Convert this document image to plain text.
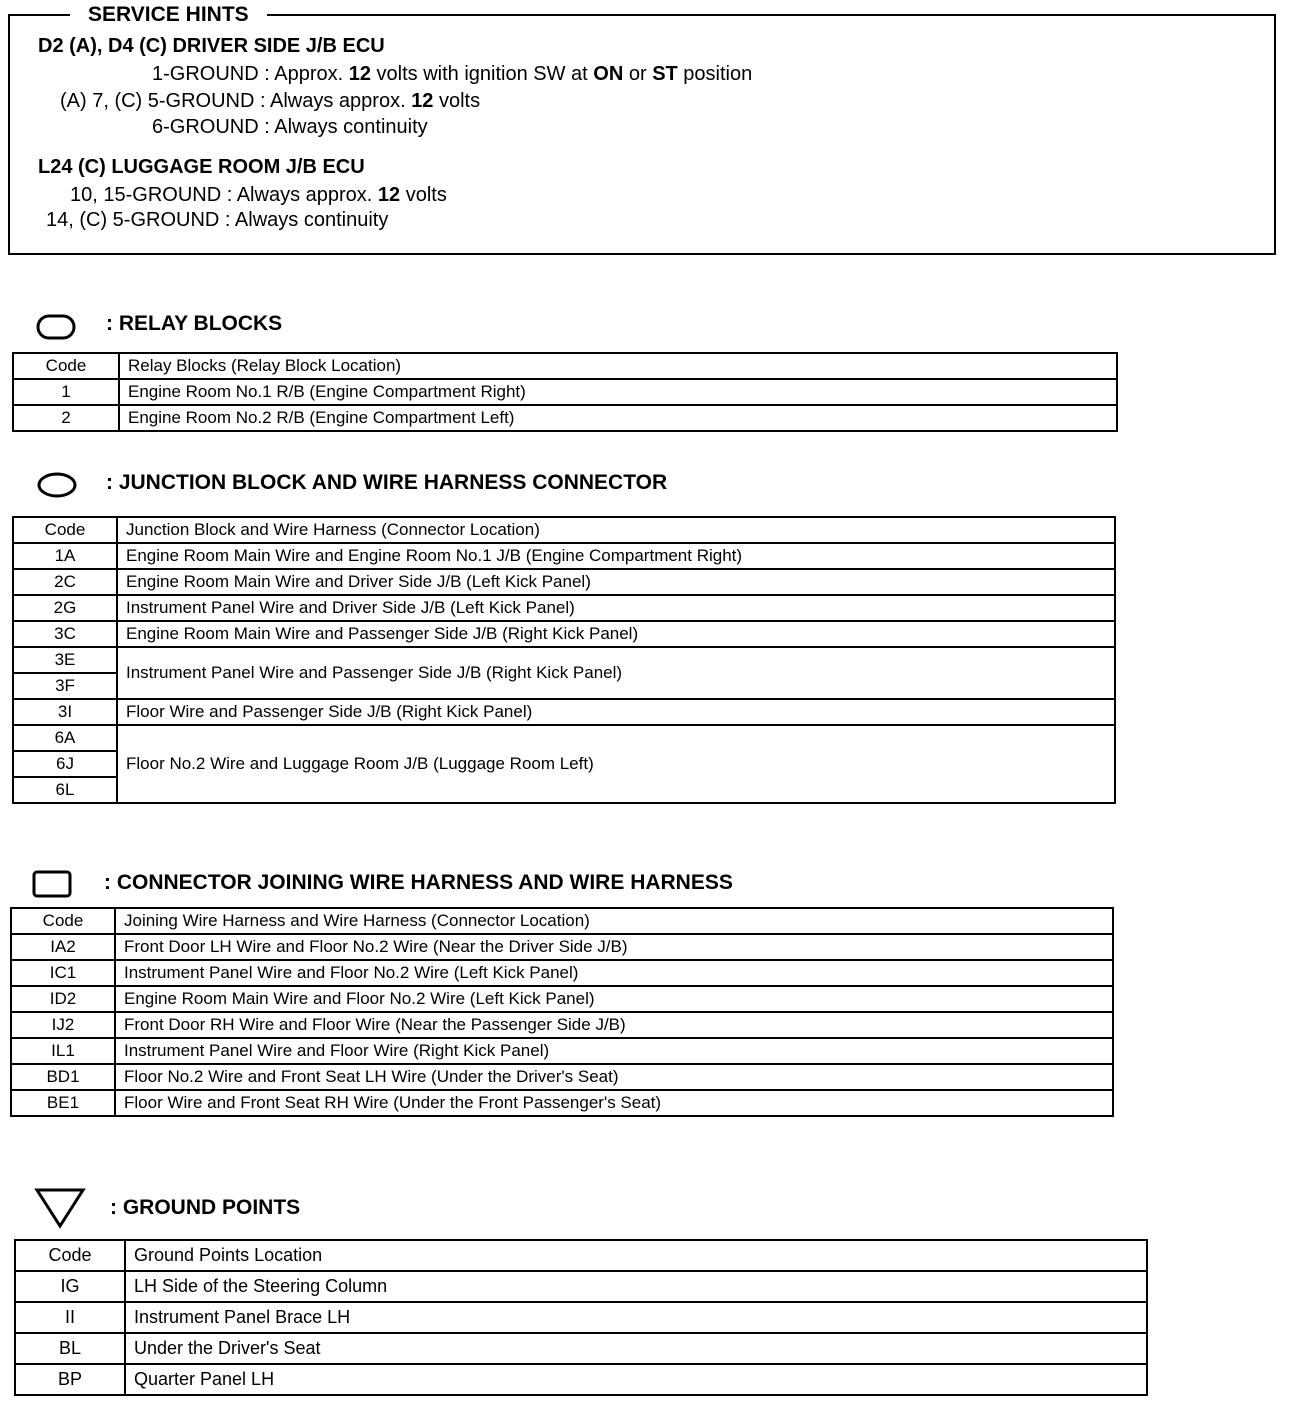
SERVICE HINTS
D2 (A), D4 (C) DRIVER SIDE J/B ECU
1-GROUND : Approx. 12 volts with ignition SW at ON or ST position
(A) 7, (C) 5-GROUND : Always approx. 12 volts
6-GROUND : Always continuity
L24 (C) LUGGAGE ROOM J/B ECU
10, 15-GROUND : Always approx. 12 volts
14, (C) 5-GROUND : Always continuity
: RELAY BLOCKS
Code	Relay Blocks (Relay Block Location)
1	Engine Room No.1 R/B (Engine Compartment Right)
2	Engine Room No.2 R/B (Engine Compartment Left)
: JUNCTION BLOCK AND WIRE HARNESS CONNECTOR
Code	Junction Block and Wire Harness (Connector Location)
1A	Engine Room Main Wire and Engine Room No.1 J/B (Engine Compartment Right)
2C	Engine Room Main Wire and Driver Side J/B (Left Kick Panel)
2G	Instrument Panel Wire and Driver Side J/B (Left Kick Panel)
3C	Engine Room Main Wire and Passenger Side J/B (Right Kick Panel)
3E	Instrument Panel Wire and Passenger Side J/B (Right Kick Panel)
3F	
3I	Floor Wire and Passenger Side J/B (Right Kick Panel)
6A	Floor No.2 Wire and Luggage Room J/B (Luggage Room Left)
6J	
6L	
: CONNECTOR JOINING WIRE HARNESS AND WIRE HARNESS
Code	Joining Wire Harness and Wire Harness (Connector Location)
IA2	Front Door LH Wire and Floor No.2 Wire (Near the Driver Side J/B)
IC1	Instrument Panel Wire and Floor No.2 Wire (Left Kick Panel)
ID2	Engine Room Main Wire and Floor No.2 Wire (Left Kick Panel)
IJ2	Front Door RH Wire and Floor Wire (Near the Passenger Side J/B)
IL1	Instrument Panel Wire and Floor Wire (Right Kick Panel)
BD1	Floor No.2 Wire and Front Seat LH Wire (Under the Driver's Seat)
BE1	Floor Wire and Front Seat RH Wire (Under the Front Passenger's Seat)
: GROUND POINTS
Code	Ground Points Location
IG	LH Side of the Steering Column
II	Instrument Panel Brace LH
BL	Under the Driver's Seat
BP	Quarter Panel LH
